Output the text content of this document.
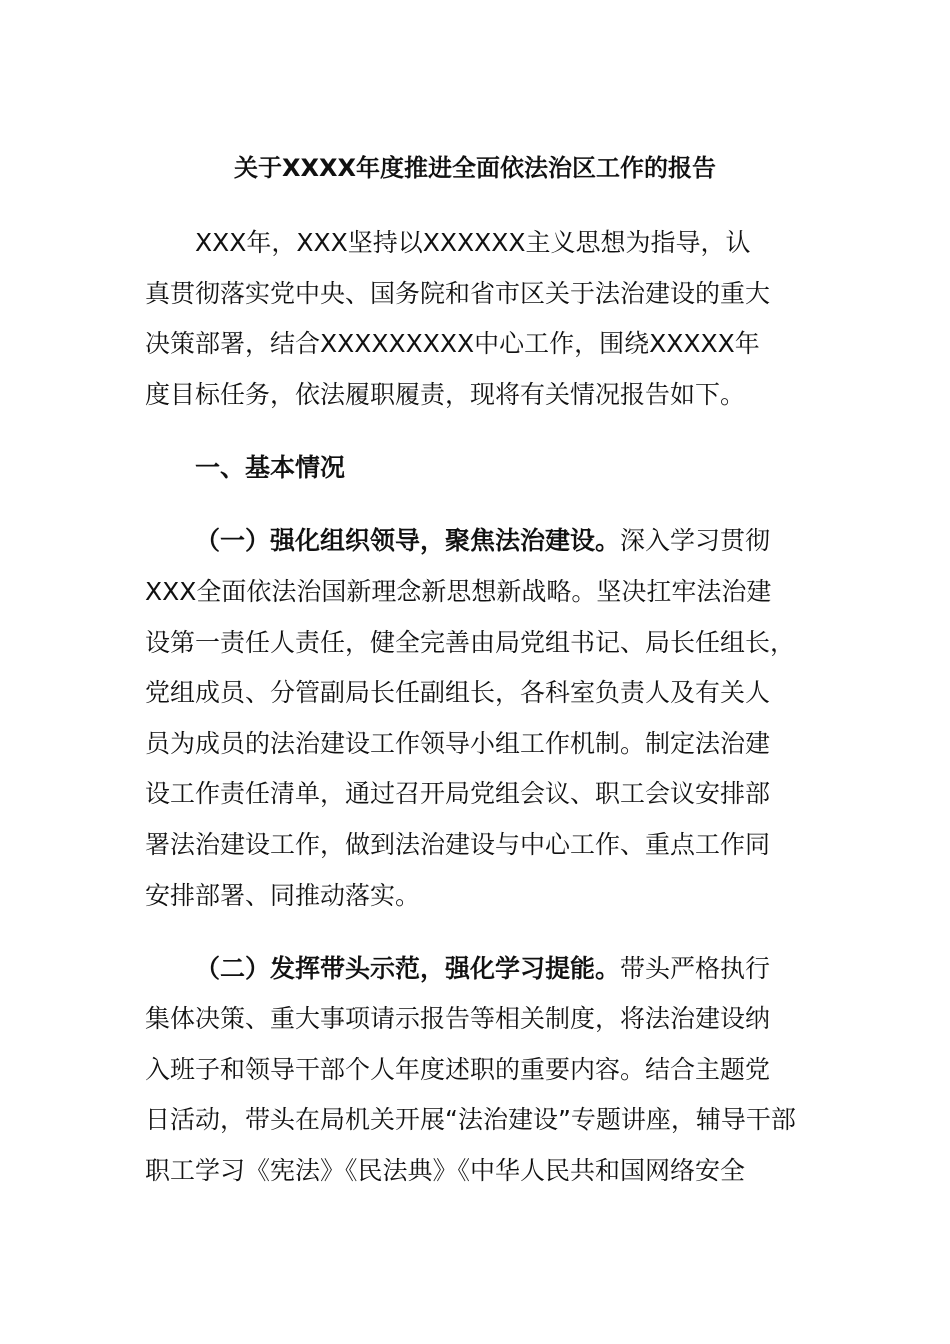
关于XXXX年度推进全面依法治区工作的报告
XXX年，XXX坚持以XXXXXX主义思想为指导，认
真贯彻落实党中央、国务院和省市区关于法治建设的重大
决策部署，结合XXXXXXXXX中心工作，围绕XXXXX年
度目标任务，依法履职履责，现将有关情况报告如下。
一、基本情况
（一）强化组织领导，聚焦法治建设。深入学习贯彻
XXX全面依法治国新理念新思想新战略。坚决扛牢法治建
设第一责任人责任，健全完善由局党组书记、局长任组长，
党组成员、分管副局长任副组长，各科室负责人及有关人
员为成员的法治建设工作领导小组工作机制。制定法治建
设工作责任清单，通过召开局党组会议、职工会议安排部
署法治建设工作，做到法治建设与中心工作、重点工作同
安排部署、同推动落实。
（二）发挥带头示范，强化学习提能。带头严格执行
集体决策、重大事项请示报告等相关制度，将法治建设纳
入班子和领导干部个人年度述职的重要内容。结合主题党
日活动，带头在局机关开展“法治建设”专题讲座，辅导干部
职工学习《宪法》《民法典》《中华人民共和国网络安全
